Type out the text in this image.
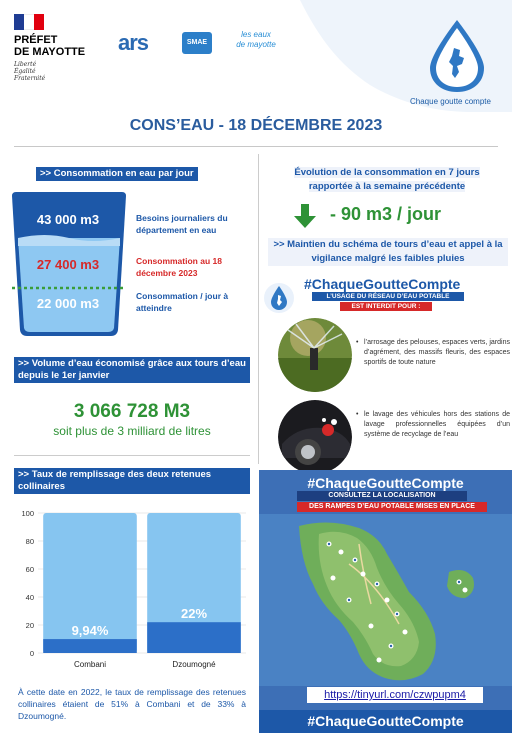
PRÉFET
DE MAYOTTE
Liberté
Égalité
Fraternité
ars	SMAE
les eaux
de mayotte
Chaque goutte compte
CONS’EAU - 18 DÉCEMBRE 2023
>> Consommation en eau par jour
43 000 m3
27 400 m3
22 000 m3
Besoins journaliers du département en eau
Consommation au 18 décembre 2023
Consommation / jour à atteindre
>> Volume d’eau économisé grâce aux tours d’eau depuis le 1er janvier
3 066 728 M3
soit plus de 3 milliard de litres
>> Taux de remplissage des deux retenues collinaires
0
20
40
60
80
100
9,94%
Combani
22%
Dzoumogné
À cette date en 2022, le taux de remplissage des retenues collinaires étaient de 51% à Combani et de 33% à Dzoumogné.
Évolution de la consommation en 7 jours rapportée à la semaine précédente
- 90 m3 / jour
>> Maintien du schéma de tours d’eau et appel à la vigilance malgré les faibles pluies
#ChaqueGoutteCompte
L’USAGE DU RÉSEAU D’EAU POTABLE
EST INTERDIT POUR :
• l’arrosage des pelouses, espaces verts, jardins d’agrément, des massifs fleuris, des espaces sportifs de toute nature
• le lavage des véhicules hors des stations de lavage professionnelles équipées d’un système de recyclage de l’eau
#ChaqueGoutteCompte
CONSULTEZ LA LOCALISATION
DES RAMPES D’EAU POTABLE MISES EN PLACE
https://tinyurl.com/czwpupm4
#ChaqueGoutteCompte
